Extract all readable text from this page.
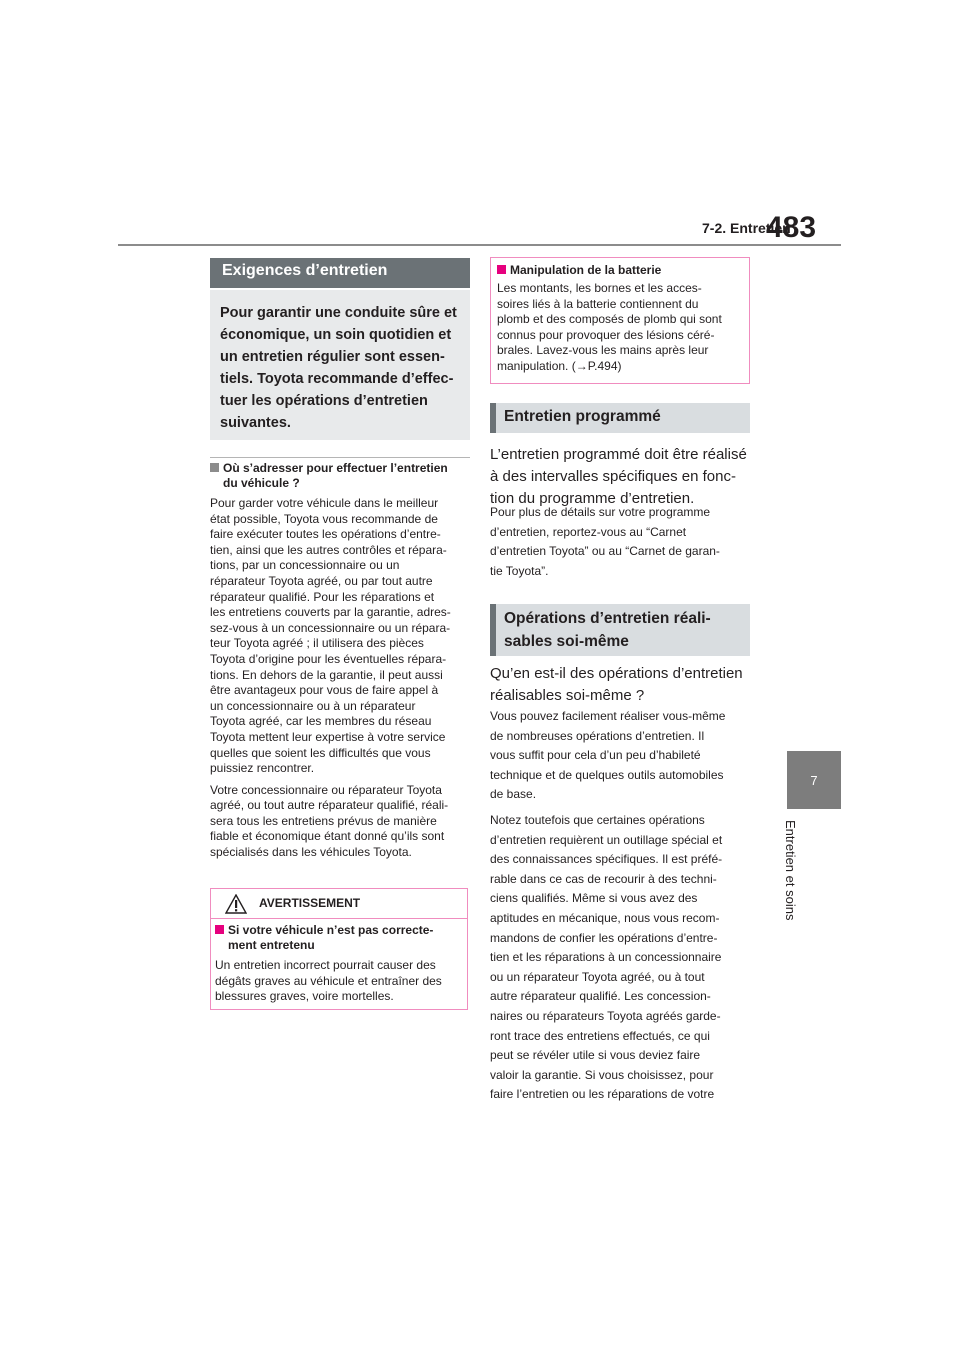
7-2. Entretien
483
7
Entretien et soins
Exigences d’entretien
Pour garantir une conduite sûre et
économique, un soin quotidien et
un entretien régulier sont essen-
tiels. Toyota recommande d’effec-
tuer les opérations d’entretien
suivantes.
Où s’adresser pour effectuer l’entretien
du véhicule ?
Pour garder votre véhicule dans le meilleur
état possible, Toyota vous recommande de
faire exécuter toutes les opérations d’entre-
tien, ainsi que les autres contrôles et répara-
tions, par un concessionnaire ou un
réparateur Toyota agréé, ou par tout autre
réparateur qualifié. Pour les réparations et
les entretiens couverts par la garantie, adres-
sez-vous à un concessionnaire ou un répara-
teur Toyota agréé ; il utilisera des pièces
Toyota d’origine pour les éventuelles répara-
tions. En dehors de la garantie, il peut aussi
être avantageux pour vous de faire appel à
un concessionnaire ou à un réparateur
Toyota agréé, car les membres du réseau
Toyota mettent leur expertise à votre service
quelles que soient les difficultés que vous
puissiez rencontrer.
Votre concessionnaire ou réparateur Toyota
agréé, ou tout autre réparateur qualifié, réali-
sera tous les entretiens prévus de manière
fiable et économique étant donné qu’ils sont
spécialisés dans les véhicules Toyota.
AVERTISSEMENT
Si votre véhicule n’est pas correcte-
ment entretenu
Un entretien incorrect pourrait causer des
dégâts graves au véhicule et entraîner des
blessures graves, voire mortelles.
Manipulation de la batterie
Les montants, les bornes et les acces-
soires liés à la batterie contiennent du
plomb et des composés de plomb qui sont
connus pour provoquer des lésions céré-
brales. Lavez-vous les mains après leur
manipulation. (→P.494)
Entretien programmé
L’entretien programmé doit être réalisé
à des intervalles spécifiques en fonc-
tion du programme d’entretien.
Pour plus de détails sur votre programme
d’entretien, reportez-vous au “Carnet
d’entretien Toyota” ou au “Carnet de garan-
tie Toyota”.
Opérations d’entretien réali-
sables soi-même
Qu’en est-il des opérations d’entretien
réalisables soi-même ?
Vous pouvez facilement réaliser vous-même
de nombreuses opérations d’entretien. Il
vous suffit pour cela d’un peu d’habileté
technique et de quelques outils automobiles
de base.
Notez toutefois que certaines opérations
d’entretien requièrent un outillage spécial et
des connaissances spécifiques. Il est préfé-
rable dans ce cas de recourir à des techni-
ciens qualifiés. Même si vous avez des
aptitudes en mécanique, nous vous recom-
mandons de confier les opérations d’entre-
tien et les réparations à un concessionnaire
ou un réparateur Toyota agréé, ou à tout
autre réparateur qualifié. Les concession-
naires ou réparateurs Toyota agréés garde-
ront trace des entretiens effectués, ce qui
peut se révéler utile si vous deviez faire
valoir la garantie. Si vous choisissez, pour
faire l’entretien ou les réparations de votre
